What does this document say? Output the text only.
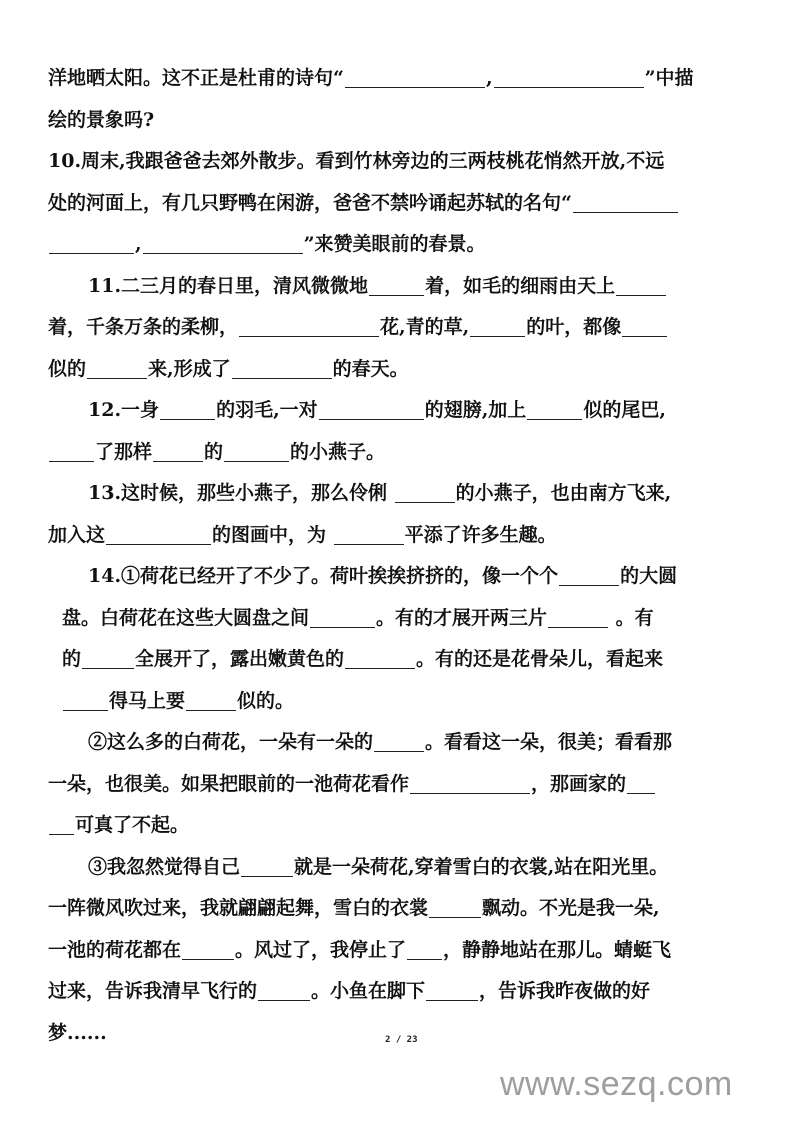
洋地晒太阳。这不正是杜甫的诗句“	,	”中描
绘的景象吗?
10.周末,我跟爸爸去郊外散步。看到竹林旁边的三两枝桃花悄然开放,不远
处的河面上，有几只野鸭在闲游，爸爸不禁吟诵起苏轼的名句“
,	”来赞美眼前的春景。
11.二三月的春日里，清风微微地	着，如毛的细雨由天上
着，千条万条的柔柳，	花,青的草,	的叶，都像
似的	来,形成了	的春天。
12.一身	的羽毛,一对	的翅膀,加上	似的尾巴,
了那样	的	的小燕子。
13.这时候，那些小燕子，那么伶俐	的小燕子，也由南方飞来,
加入这	的图画中，为	平添了许多生趣。
14.①荷花已经开了不少了。荷叶挨挨挤挤的，像一个个	的大圆
盘。白荷花在这些大圆盘之间	。有的才展开两三片	。有
的	全展开了，露出嫩黄色的	。有的还是花骨朵儿，看起来
得马上要	似的。
②这么多的白荷花，一朵有一朵的	。看看这一朵，很美；看看那
一朵，也很美。如果把眼前的一池荷花看作	，那画家的
可真了不起。
③我忽然觉得自己	就是一朵荷花,穿着雪白的衣裳,站在阳光里。
一阵微风吹过来，我就翩翩起舞，雪白的衣裳	飘动。不光是我一朵,
一池的荷花都在	。风过了，我停止了 ，静静地站在那儿。蜻蜓飞
过来，告诉我清早飞行的	。小鱼在脚下	，告诉我昨夜做的好
梦......	2 / 23
www.sezq.com
